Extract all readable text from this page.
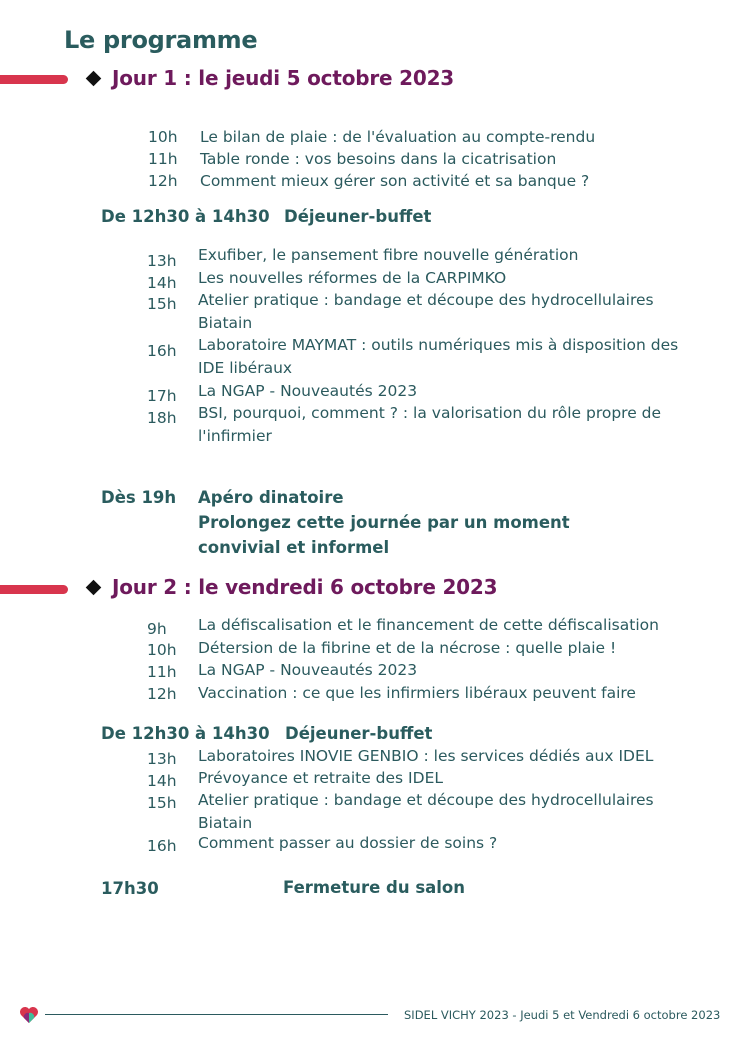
Le programme
Jour 1 : le jeudi 5 octobre 2023
10h Le bilan de plaie : de l'évaluation au compte-rendu
11h Table ronde : vos besoins dans la cicatrisation
12h Comment mieux gérer son activité et sa banque ?
De 12h30 à 14h30 Déjeuner-buffet
13h Exufiber, le pansement fibre nouvelle génération
14h Les nouvelles réformes de la CARPIMKO
15h Atelier pratique : bandage et découpe des hydrocellulaires Biatain
16h Laboratoire MAYMAT : outils numériques mis à disposition des IDE libéraux
17h La NGAP - Nouveautés 2023
18h BSI, pourquoi, comment ? : la valorisation du rôle propre de l'infirmier
Dès 19h Apéro dinatoire
Prolongez cette journée par un moment
convivial et informel
Jour 2 : le vendredi 6 octobre 2023
9h La défiscalisation et le financement de cette défiscalisation
10h Détersion de la fibrine et de la nécrose : quelle plaie !
11h La NGAP - Nouveautés 2023
12h Vaccination : ce que les infirmiers libéraux peuvent faire
De 12h30 à 14h30 Déjeuner-buffet
13h Laboratoires INOVIE GENBIO : les services dédiés aux IDEL
14h Prévoyance et retraite des IDEL
15h Atelier pratique : bandage et découpe des hydrocellulaires Biatain
16h Comment passer au dossier de soins ?
17h30	Fermeture du salon
SIDEL VICHY 2023 - Jeudi 5 et Vendredi 6 octobre 2023
